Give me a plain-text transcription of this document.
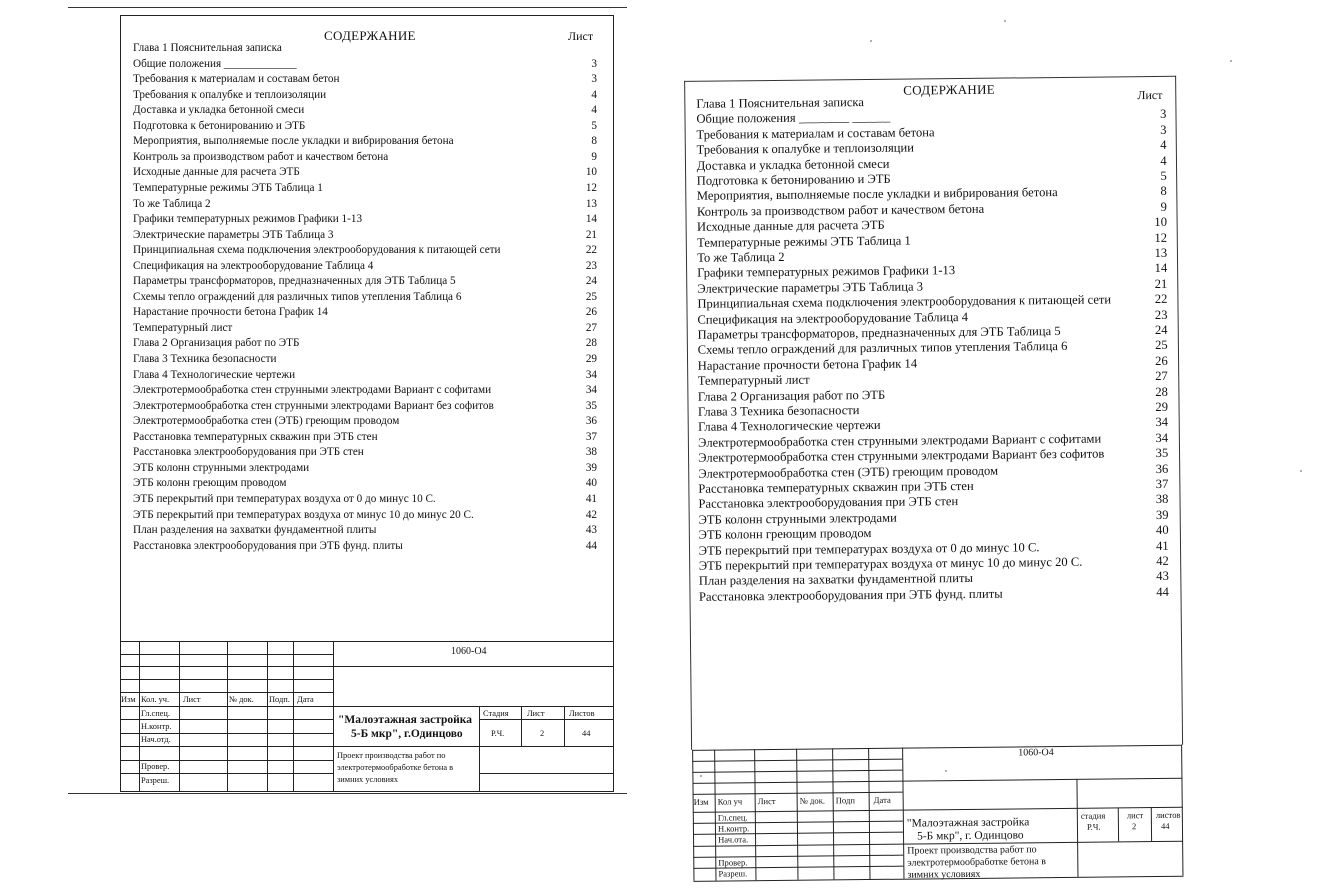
СОДЕРЖАНИЕ	Лист
Глава 1 Пояснительная записка
Общие положения _____________	3
Требования к материалам и составам бетон	3
Требования к опалубке и теплоизоляции	4
Доставка и укладка бетонной смеси	4
Подготовка к бетонированию и ЭТБ	5
Мероприятия, выполняемые после укладки и вибрирования бетона	8
Контроль за производством работ и качеством бетона	9
Исходные данные для расчета ЭТБ	10
Температурные режимы ЭТБ Таблица 1	12
То же Таблица 2	13
Графики температурных режимов Графики 1-13	14
Электрические параметры ЭТБ Таблица 3	21
Принципиальная схема подключения электрооборудования к питающей сети	22
Спецификация на электрооборудование Таблица 4	23
Параметры трансформаторов, предназначенных для ЭТБ Таблица 5	24
Схемы тепло ограждений для различных типов утепления Таблица 6	25
Нарастание прочности бетона График 14	26
Температурный лист	27
Глава 2 Организация работ по ЭТБ	28
Глава 3 Техника безопасности	29
Глава 4 Технологические чертежи	34
Электротермообработка стен струнными электродами Вариант с софитами	34
Электротермообработка стен струнными электродами Вариант без софитов	35
Электротермообработка стен (ЭТБ) греющим проводом	36
Расстановка температурных скважин при ЭТБ стен	37
Расстановка электрооборудования при ЭТБ стен	38
ЭТБ колонн струнными электродами	39
ЭТБ колонн греющим проводом	40
ЭТБ перекрытий при температурах воздуха от 0 до минус 10 С.	41
ЭТБ перекрытий при температурах воздуха от минус 10 до минус 20 С.	42
План разделения на захватки фундаментной плиты	43
Расстановка электрооборудования при ЭТБ фунд. плиты	44
1060-О4
Изм Кол. уч. Лист	№ док. Подп. Дата
Гл.спец.
Н.контр.
Нач.отд.
Провер.
Разреш.
Стадия Лист	Листов
Р.Ч.	2	44
"Малоэтажная застройка
5-Б мкр", г.Одинцово
Проект производства работ по
электротермообработке бетона в
зимних условиях
СОДЕРЖАНИЕ	Лист
Глава 1 Пояснительная записка
Общие положения ________ ______	3
Требования к материалам и составам бетона	3
Требования к опалубке и теплоизоляции	4
Доставка и укладка бетонной смеси	4
Подготовка к бетонированию и ЭТБ	5
Мероприятия, выполняемые после укладки и вибрирования бетона	8
Контроль за производством работ и качеством бетона	9
Исходные данные для расчета ЭТБ	10
Температурные режимы ЭТБ Таблица 1	12
То же Таблица 2	13
Графики температурных режимов Графики 1-13	14
Электрические параметры ЭТБ Таблица 3	21
Принципиальная схема подключения электрооборудования к питающей сети	22
Спецификация на электрооборудование Таблица 4	23
Параметры трансформаторов, предназначенных для ЭТБ Таблица 5	24
Схемы тепло ограждений для различных типов утепления Таблица 6	25
Нарастание прочности бетона График 14	26
Температурный лист	27
Глава 2 Организация работ по ЭТБ	28
Глава 3 Техника безопасности	29
Глава 4 Технологические чертежи	34
Электротермообработка стен струнными электродами Вариант с софитами	34
Электротермообработка стен струнными электродами Вариант без софитов	35
Электротермообработка стен (ЭТБ) греющим проводом	36
Расстановка температурных скважин при ЭТБ стен	37
Расстановка электрооборудования при ЭТБ стен	38
ЭТБ колонн струнными электродами	39
ЭТБ колонн греющим проводом	40
ЭТБ перекрытий при температурах воздуха от 0 до минус 10 С.	41
ЭТБ перекрытий при температурах воздуха от минус 10 до минус 20 С.	42
План разделения на захватки фундаментной плиты	43
Расстановка электрооборудования при ЭТБ фунд. плиты	44
1060-О4
Изм Кол уч Лист	№ док. Подп Дата
Гл.спец.
Н.контр.
Нач.ота.
Провер.
Разреш.
стадия лист листов
Р.Ч.	2	44
"Малоэтажная застройка
5-Б мкр", г. Одинцово
Проект производства работ по
электротермообработке бетона в
зимних условиях
